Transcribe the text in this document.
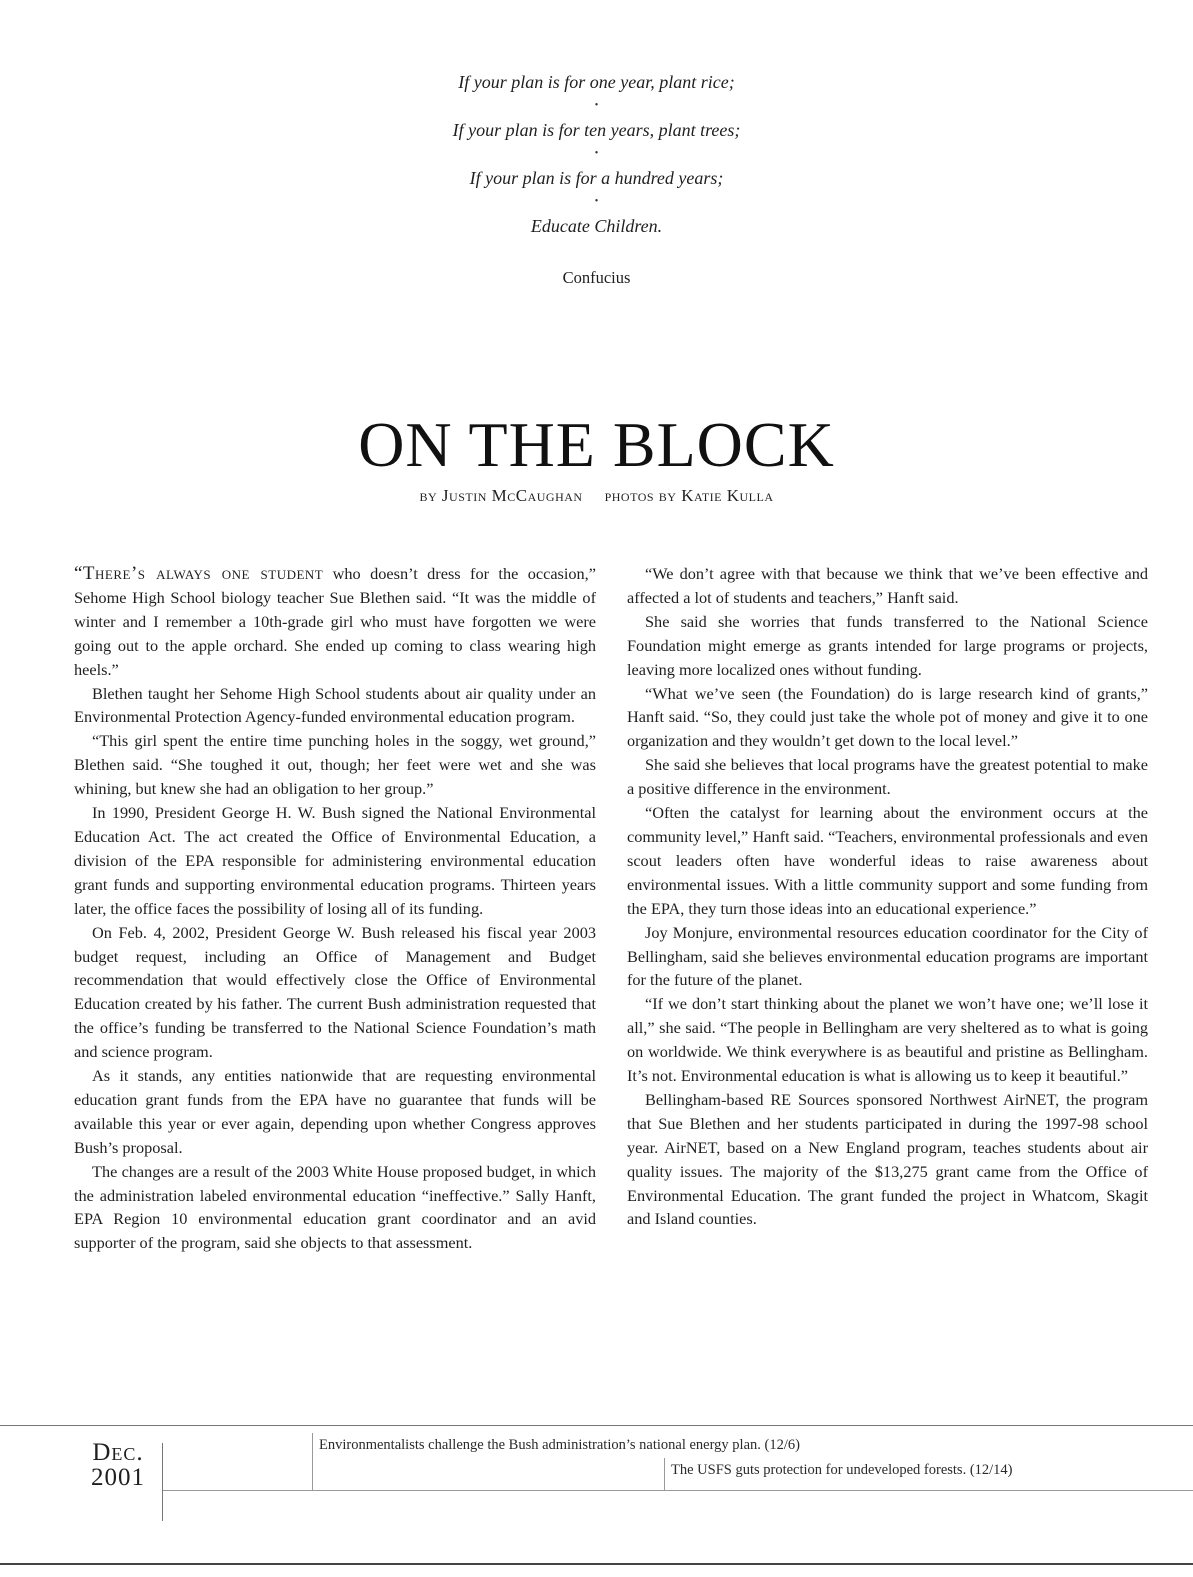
If your plan is for one year, plant rice;
•
If your plan is for ten years, plant trees;
•
If your plan is for a hundred years;
•
Educate Children.
Confucius
ON THE BLOCK
by Justin McCaughan photos by Katie Kulla

“There’s always one student who doesn’t dress for the occasion,” Sehome High School biology teacher Sue Blethen said. “It was the middle of winter and I remember a 10th-grade girl who must have forgotten we were going out to the apple orchard. She ended up coming to class wearing high heels.”

Blethen taught her Sehome High School students about air quality under an Environmental Protection Agency-funded environmental education program.

“This girl spent the entire time punching holes in the soggy, wet ground,” Blethen said. “She toughed it out, though; her feet were wet and she was whining, but knew she had an obligation to her group.”

In 1990, President George H. W. Bush signed the National Environmental Education Act. The act created the Office of Environmental Education, a division of the EPA responsible for administering environmental education grant funds and supporting environmental education programs. Thirteen years later, the office faces the possibility of losing all of its funding.

On Feb. 4, 2002, President George W. Bush released his fiscal year 2003 budget request, including an Office of Management and Budget recommendation that would effectively close the Office of Environmental Education created by his father. The current Bush administration requested that the office’s funding be transferred to the National Science Foundation’s math and science program.

As it stands, any entities nationwide that are requesting environmental education grant funds from the EPA have no guarantee that funds will be available this year or ever again, depending upon whether Congress approves Bush’s proposal.

The changes are a result of the 2003 White House proposed budget, in which the administration labeled environmental education “ineffective.” Sally Hanft, EPA Region 10 environmental education grant coordinator and an avid supporter of the program, said she objects to that assessment.

“We don’t agree with that because we think that we’ve been effective and affected a lot of students and teachers,” Hanft said.

She said she worries that funds transferred to the National Science Foundation might emerge as grants intended for large programs or projects, leaving more localized ones without funding.

“What we’ve seen (the Foundation) do is large research kind of grants,” Hanft said. “So, they could just take the whole pot of money and give it to one organization and they wouldn’t get down to the local level.”

She said she believes that local programs have the greatest potential to make a positive difference in the environment.

“Often the catalyst for learning about the environment occurs at the community level,” Hanft said. “Teachers, environmental professionals and even scout leaders often have wonderful ideas to raise awareness about environmental issues. With a little community support and some funding from the EPA, they turn those ideas into an educational experience.”

Joy Monjure, environmental resources education coordinator for the City of Bellingham, said she believes environmental education programs are important for the future of the planet.

“If we don’t start thinking about the planet we won’t have one; we’ll lose it all,” she said. “The people in Bellingham are very sheltered as to what is going on worldwide. We think everywhere is as beautiful and pristine as Bellingham. It’s not. Environmental education is what is allowing us to keep it beautiful.”

Bellingham-based RE Sources sponsored Northwest AirNET, the program that Sue Blethen and her students participated in during the 1997-98 school year. AirNET, based on a New England program, teaches students about air quality issues. The majority of the $13,275 grant came from the Office of Environmental Education. The grant funded the project in Whatcom, Skagit and Island counties.

Dec.
2001
Environmentalists challenge the Bush administration’s national energy plan. (12/6)
The USFS guts protection for undeveloped forests. (12/14)
